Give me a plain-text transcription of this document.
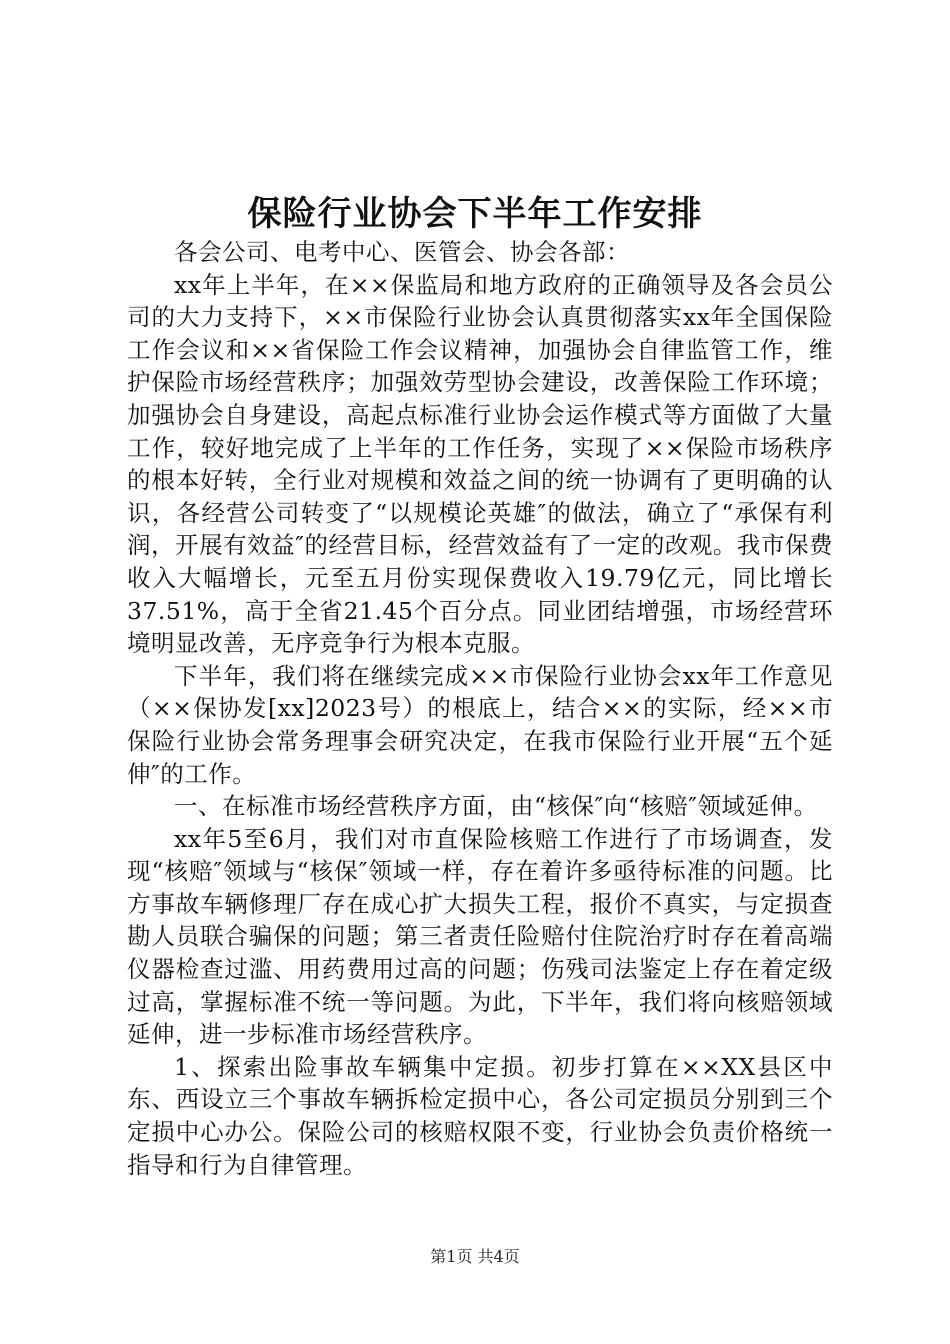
保险行业协会下半年工作安排

各会公司、电考中心、医管会、协会各部：

xx年上半年，在××保监局和地方政府的正确领导及各会员公司的大力支持下，××市保险行业协会认真贯彻落实xx年全国保险工作会议和××省保险工作会议精神，加强协会自律监管工作，维护保险市场经营秩序；加强效劳型协会建设，改善保险工作环境；加强协会自身建设，高起点标准行业协会运作模式等方面做了大量工作，较好地完成了上半年的工作任务，实现了××保险市场秩序的根本好转，全行业对规模和效益之间的统一协调有了更明确的认识，各经营公司转变了“以规模论英雄″的做法，确立了“承保有利润，开展有效益″的经营目标，经营效益有了一定的改观。我市保费收入大幅增长，元至五月份实现保费收入19.79亿元，同比增长37.51%，高于全省21.45个百分点。同业团结增强，市场经营环境明显改善，无序竞争行为根本克服。

下半年，我们将在继续完成××市保险行业协会xx年工作意见（××保协发[xx]2023号）的根底上，结合××的实际，经××市保险行业协会常务理事会研究决定，在我市保险行业开展“五个延伸″的工作。

一、在标准市场经营秩序方面，由“核保″向“核赔″领域延伸。

xx年5至6月，我们对市直保险核赔工作进行了市场调查，发现“核赔″领域与“核保″领域一样，存在着许多亟待标准的问题。比方事故车辆修理厂存在成心扩大损失工程，报价不真实，与定损查勘人员联合骗保的问题；第三者责任险赔付住院治疗时存在着高端仪器检查过滥、用药费用过高的问题；伤残司法鉴定上存在着定级过高，掌握标准不统一等问题。为此，下半年，我们将向核赔领域延伸，进一步标准市场经营秩序。

1、探索出险事故车辆集中定损。初步打算在××XX县区中东、西设立三个事故车辆拆检定损中心，各公司定损员分别到三个定损中心办公。保险公司的核赔权限不变，行业协会负责价格统一指导和行为自律管理。

第1页 共4页
